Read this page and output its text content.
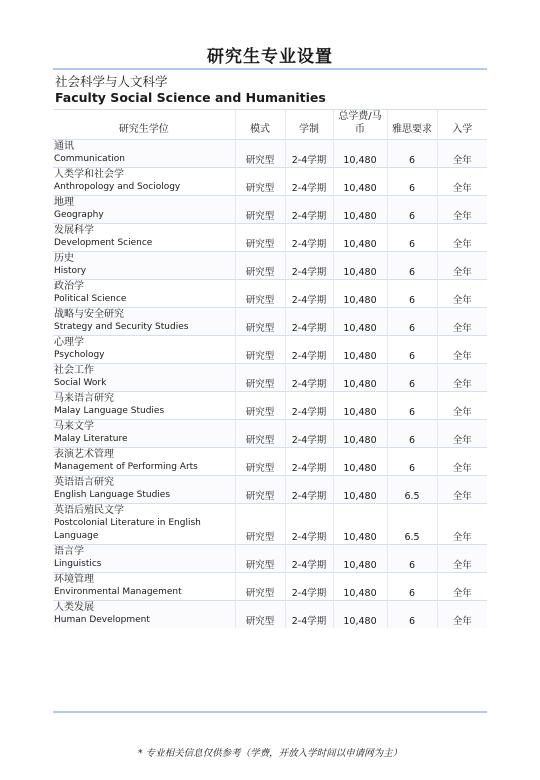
研究生专业设置
社会科学与人文科学
Faculty Social Science and Humanities
研究生学位	模式	学制	总学费/马币	雅思要求	入学

通讯
Communication	研究型	2-4学期	10,480	6	全年

人类学和社会学
Anthropology and Sociology	研究型	2-4学期	10,480	6	全年

地理
Geography	研究型	2-4学期	10,480	6	全年

发展科学
Development Science	研究型	2-4学期	10,480	6	全年

历史
History	研究型	2-4学期	10,480	6	全年

政治学
Political Science	研究型	2-4学期	10,480	6	全年

战略与安全研究
Strategy and Security Studies	研究型	2-4学期	10,480	6	全年

心理学
Psychology	研究型	2-4学期	10,480	6	全年

社会工作
Social Work	研究型	2-4学期	10,480	6	全年

马来语言研究
Malay Language Studies	研究型	2-4学期	10,480	6	全年

马来文学
Malay Literature	研究型	2-4学期	10,480	6	全年

表演艺术管理
Management of Performing Arts	研究型	2-4学期	10,480	6	全年

英语语言研究
English Language Studies	研究型	2-4学期	10,480	6.5	全年

英语后殖民文学
Postcolonial Literature in English Language	研究型	2-4学期	10,480	6.5	全年

语言学
Linguistics	研究型	2-4学期	10,480	6	全年

环境管理
Environmental Management	研究型	2-4学期	10,480	6	全年

人类发展
Human Development	研究型	2-4学期	10,480	6	全年
* 专业相关信息仅供参考（学费，开放入学时间以申请网为主）
